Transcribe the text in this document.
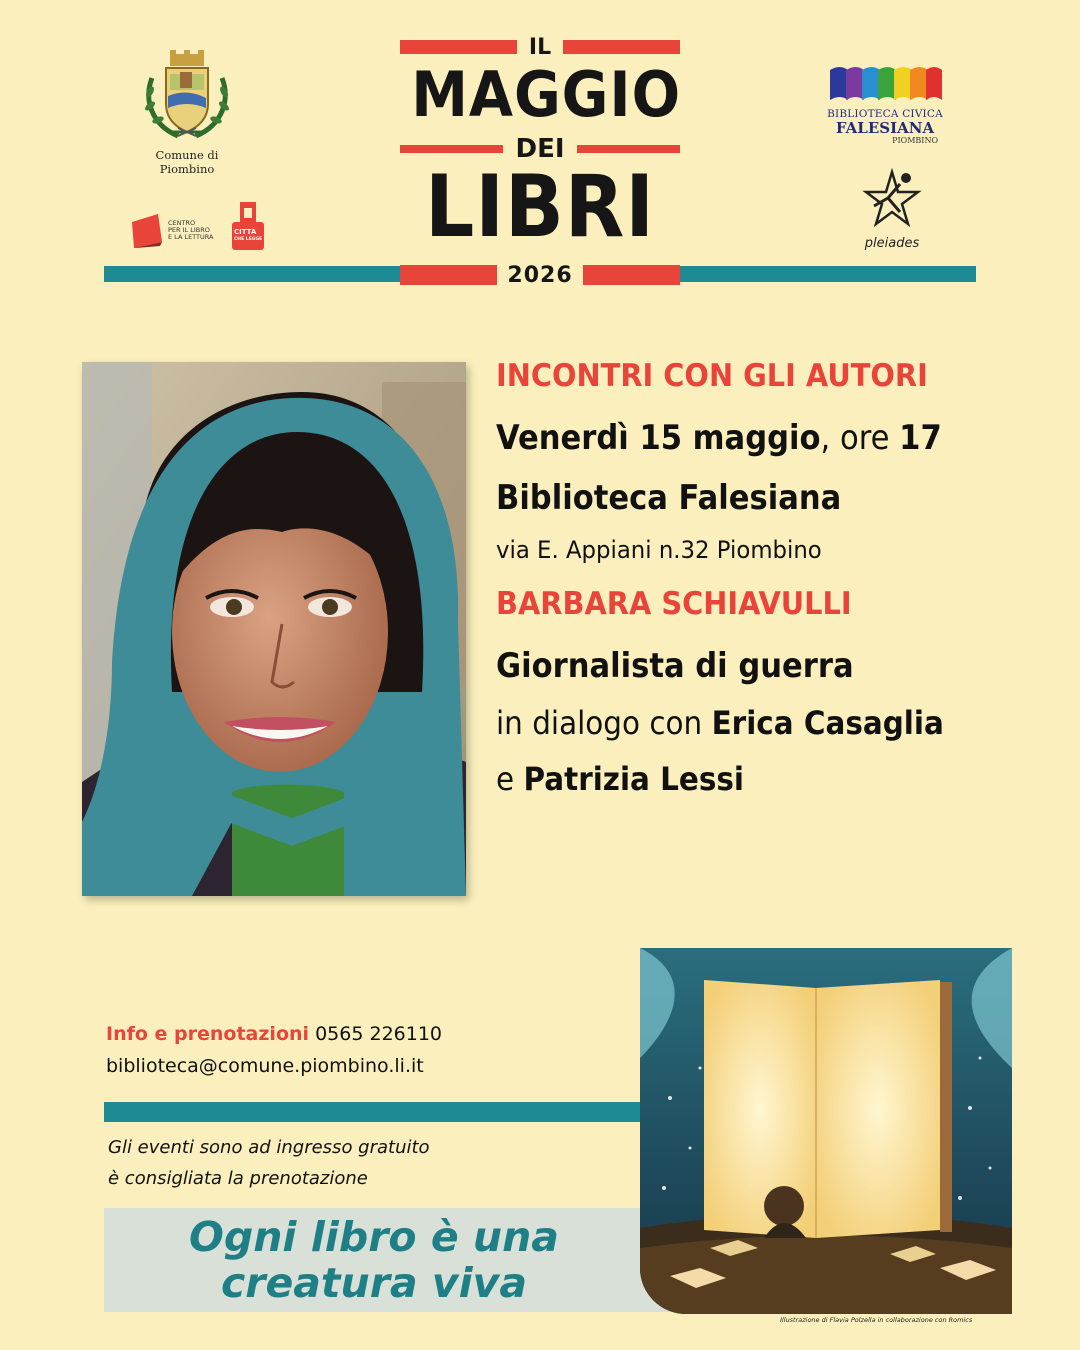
Comune di
Piombino
CENTRO
PER IL LIBRO
E LA LETTURA
CITTÀ
CHE LEGGE
BIBLIOTECA CIVICA
FALESIANA
PIOMBINO
pleiades
IL
MAGGIO
DEI
LIBRI
2026
INCONTRI CON GLI AUTORI
Venerdì 15 maggio, ore 17
Biblioteca Falesiana
via E. Appiani n.32 Piombino
BARBARA SCHIAVULLI
Giornalista di guerra
in dialogo con Erica Casaglia
e Patrizia Lessi
Info e prenotazioni 0565 226110
biblioteca@comune.piombino.li.it
Gli eventi sono ad ingresso gratuito
è consigliata la prenotazione
Ogni libro è una
creatura viva
Illustrazione di Flavia Polzella in collaborazione con Romics
